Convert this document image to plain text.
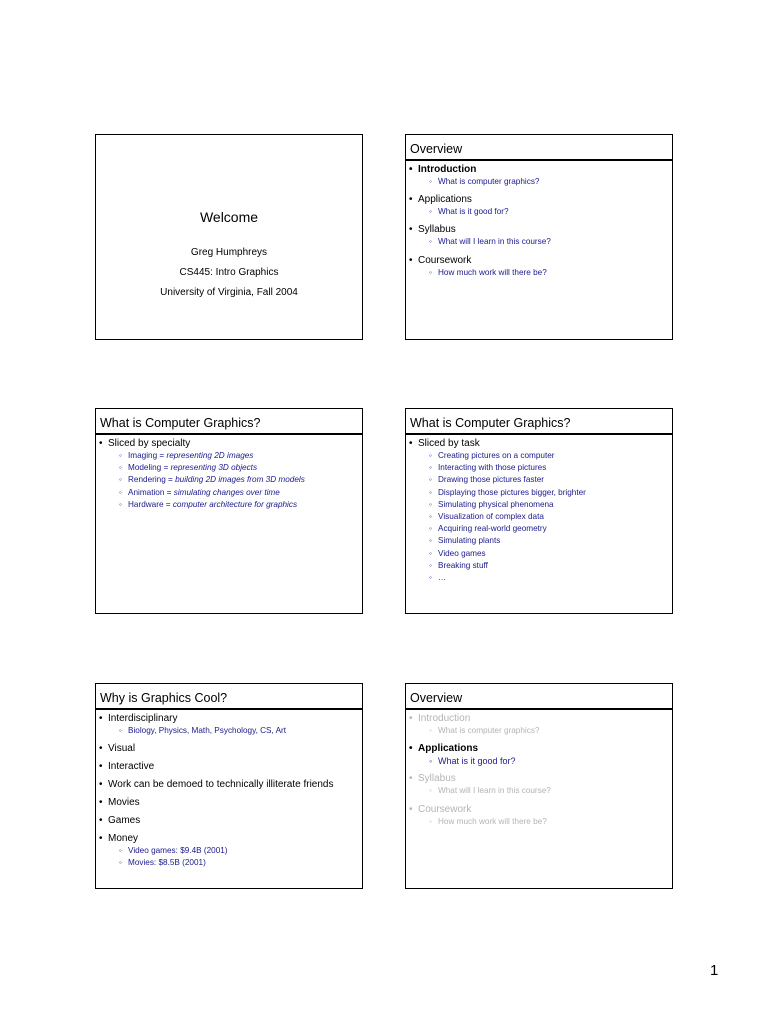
Welcome
Greg Humphreys
CS445: Intro Graphics
University of Virginia, Fall 2004
Overview
• Introduction
◦ What is computer graphics?
• Applications
◦ What is it good for?
• Syllabus
◦ What will I learn in this course?
• Coursework
◦ How much work will there be?
What is Computer Graphics?
• Sliced by specialty
◦ Imaging = representing 2D images
◦ Modeling = representing 3D objects
◦ Rendering = building 2D images from 3D models
◦ Animation = simulating changes over time
◦ Hardware = computer architecture for graphics
What is Computer Graphics?
• Sliced by task
◦ Creating pictures on a computer
◦ Interacting with those pictures
◦ Drawing those pictures faster
◦ Displaying those pictures bigger, brighter
◦ Simulating physical phenomena
◦ Visualization of complex data
◦ Acquiring real-world geometry
◦ Simulating plants
◦ Video games
◦ Breaking stuff
◦ …
Why is Graphics Cool?
• Interdisciplinary
◦ Biology, Physics, Math, Psychology, CS, Art
• Visual
• Interactive
• Work can be demoed to technically illiterate friends
• Movies
• Games
• Money
◦ Video games: $9.4B (2001)
◦ Movies: $8.5B (2001)
Overview
• Introduction
◦ What is computer graphics?
• Applications
◦ What is it good for?
• Syllabus
◦ What will I learn in this course?
• Coursework
◦ How much work will there be?
1
